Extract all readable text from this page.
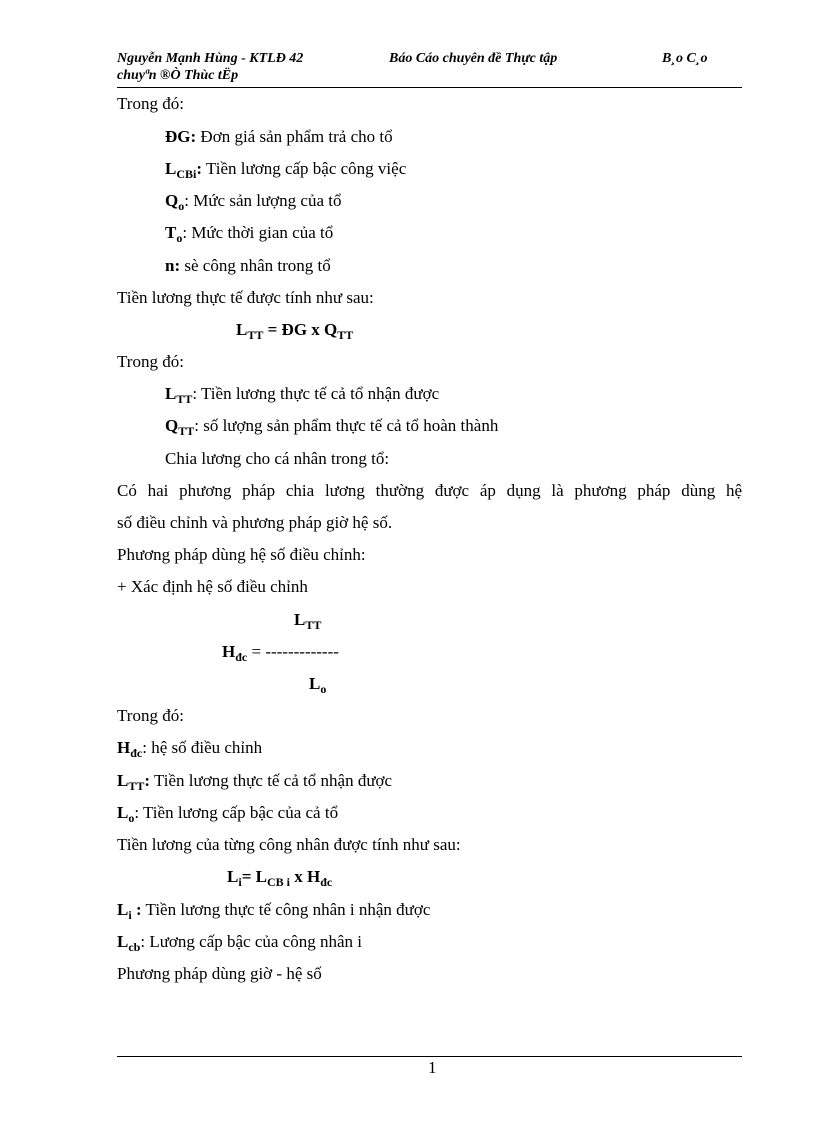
Nguyễn Mạnh Hùng - KTLĐ 42	Báo Cáo chuyên đề Thực tập	B¸o C¸o
chuyªn ®Ò Thùc tËp
Trong đó:
ĐG: Đơn giá sản phẩm trả cho tổ
$L_{CBi}$: Tiền lương cấp bậc công việc
$Q_o$: Mức sản lượng của tổ
$T_o$: Mức thời gian của tổ
n: sè công nhân trong tổ
Tiền lương thực tế được tính như sau:
$L_{TT}$ = ĐG x $Q_{TT}$
Trong đó:
$L_{TT}$: Tiền lương thực tế cả tổ nhận được
$Q_{TT}$: số lượng sản phẩm thực tế cả tổ hoàn thành
Chia lương cho cá nhân trong tổ:
Có hai phương pháp chia lương thường được áp dụng là phương pháp dùng hệ
số điều chỉnh và phương pháp giờ hệ số.
Phương pháp dùng hệ số điều chỉnh:
+ Xác định hệ số điều chỉnh
$L_{TT}$
$H_{đc}$ = -------------
$L_o$
Trong đó:
$H_{đc}$: hệ số điều chỉnh
$L_{TT}$: Tiền lương thực tế cả tổ nhận được
$L_o$: Tiền lương cấp bậc của cả tổ
Tiền lương của từng công nhân được tính như sau:
$L_i= L_{CB i}$ x $H_{đc}$
$L_i$ : Tiền lương thực tế công nhân i nhận được
$L_{cb}$: Lương cấp bậc của công nhân i
Phương pháp dùng giờ - hệ số
1
